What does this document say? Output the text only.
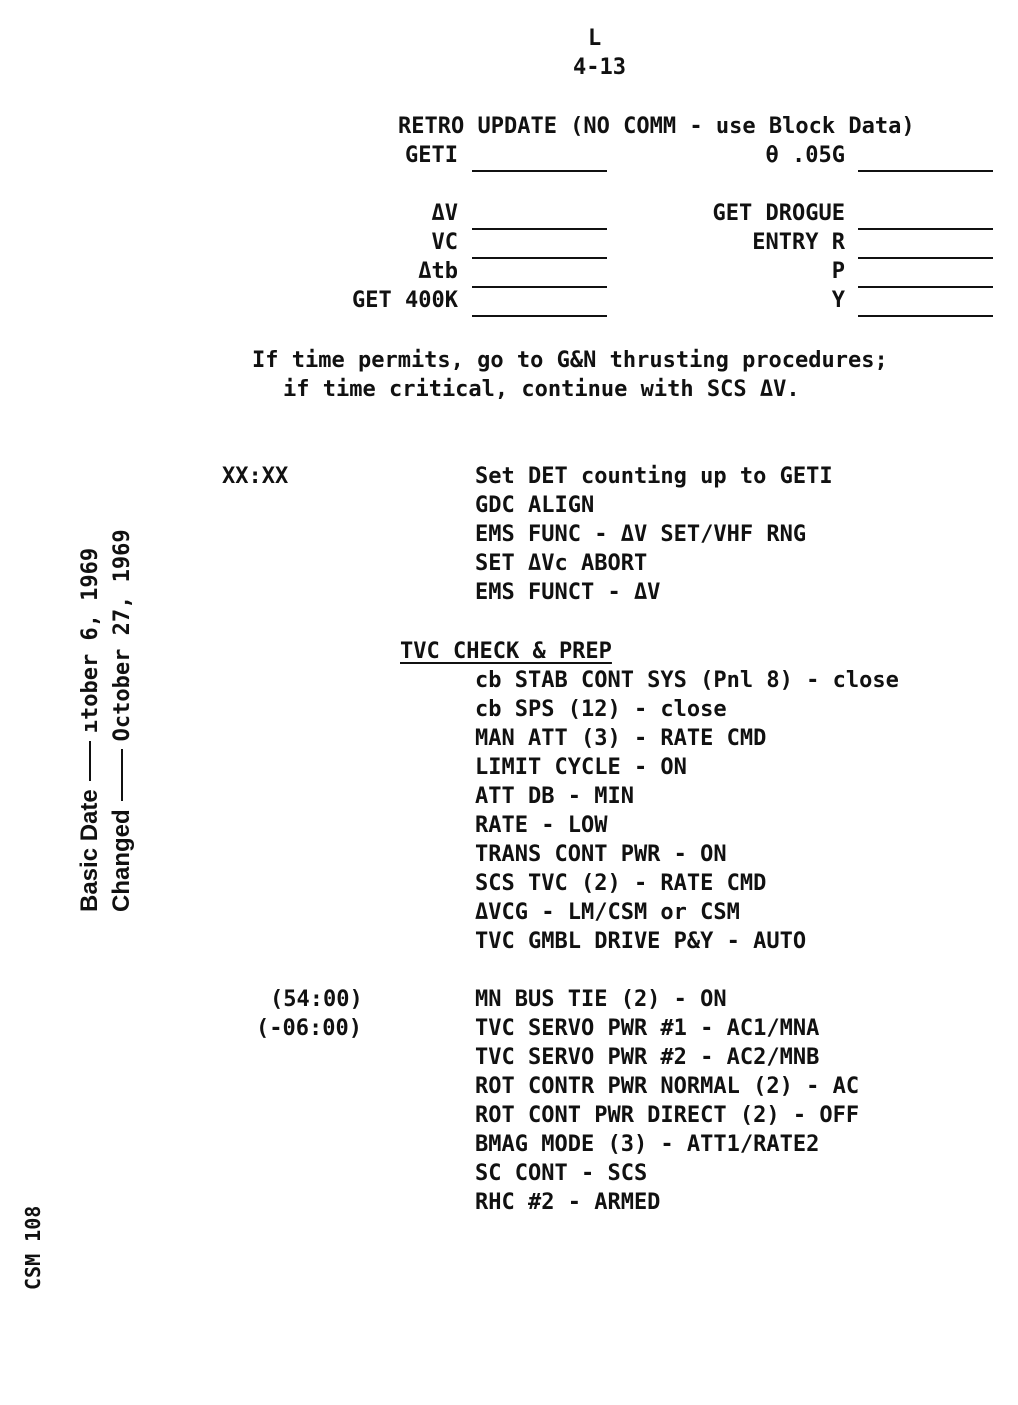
L
4-13
RETRO UPDATE (NO COMM - use Block Data)
GETI
ΔV
VC
Δtb
GET 400K
θ .05G
GET DROGUE
ENTRY R
P
Y
If time permits, go to G&N thrusting procedures;
if time critical, continue with SCS ΔV.
XX:XX	Set DET counting up to GETI
GDC ALIGN
EMS FUNC - ΔV SET/VHF RNG
SET ΔVc ABORT
EMS FUNCT - ΔV
TVC CHECK & PREP
cb STAB CONT SYS (Pnl 8) - close
cb SPS (12) - close
MAN ATT (3) - RATE CMD
LIMIT CYCLE - ON
ATT DB - MIN
RATE - LOW
TRANS CONT PWR - ON
SCS TVC (2) - RATE CMD
ΔVCG - LM/CSM or CSM
TVC GMBL DRIVE P&Y - AUTO
(54:00)
(-06:00)
MN BUS TIE (2) - ON
TVC SERVO PWR #1 - AC1/MNA
TVC SERVO PWR #2 - AC2/MNB
ROT CONTR PWR NORMAL (2) - AC
ROT CONT PWR DIRECT (2) - OFF
BMAG MODE (3) - ATT1/RATE2
SC CONT - SCS
RHC #2 - ARMED
Basic Dateıtober 6, 1969
ChangedOctober 27, 1969
CSM 108
